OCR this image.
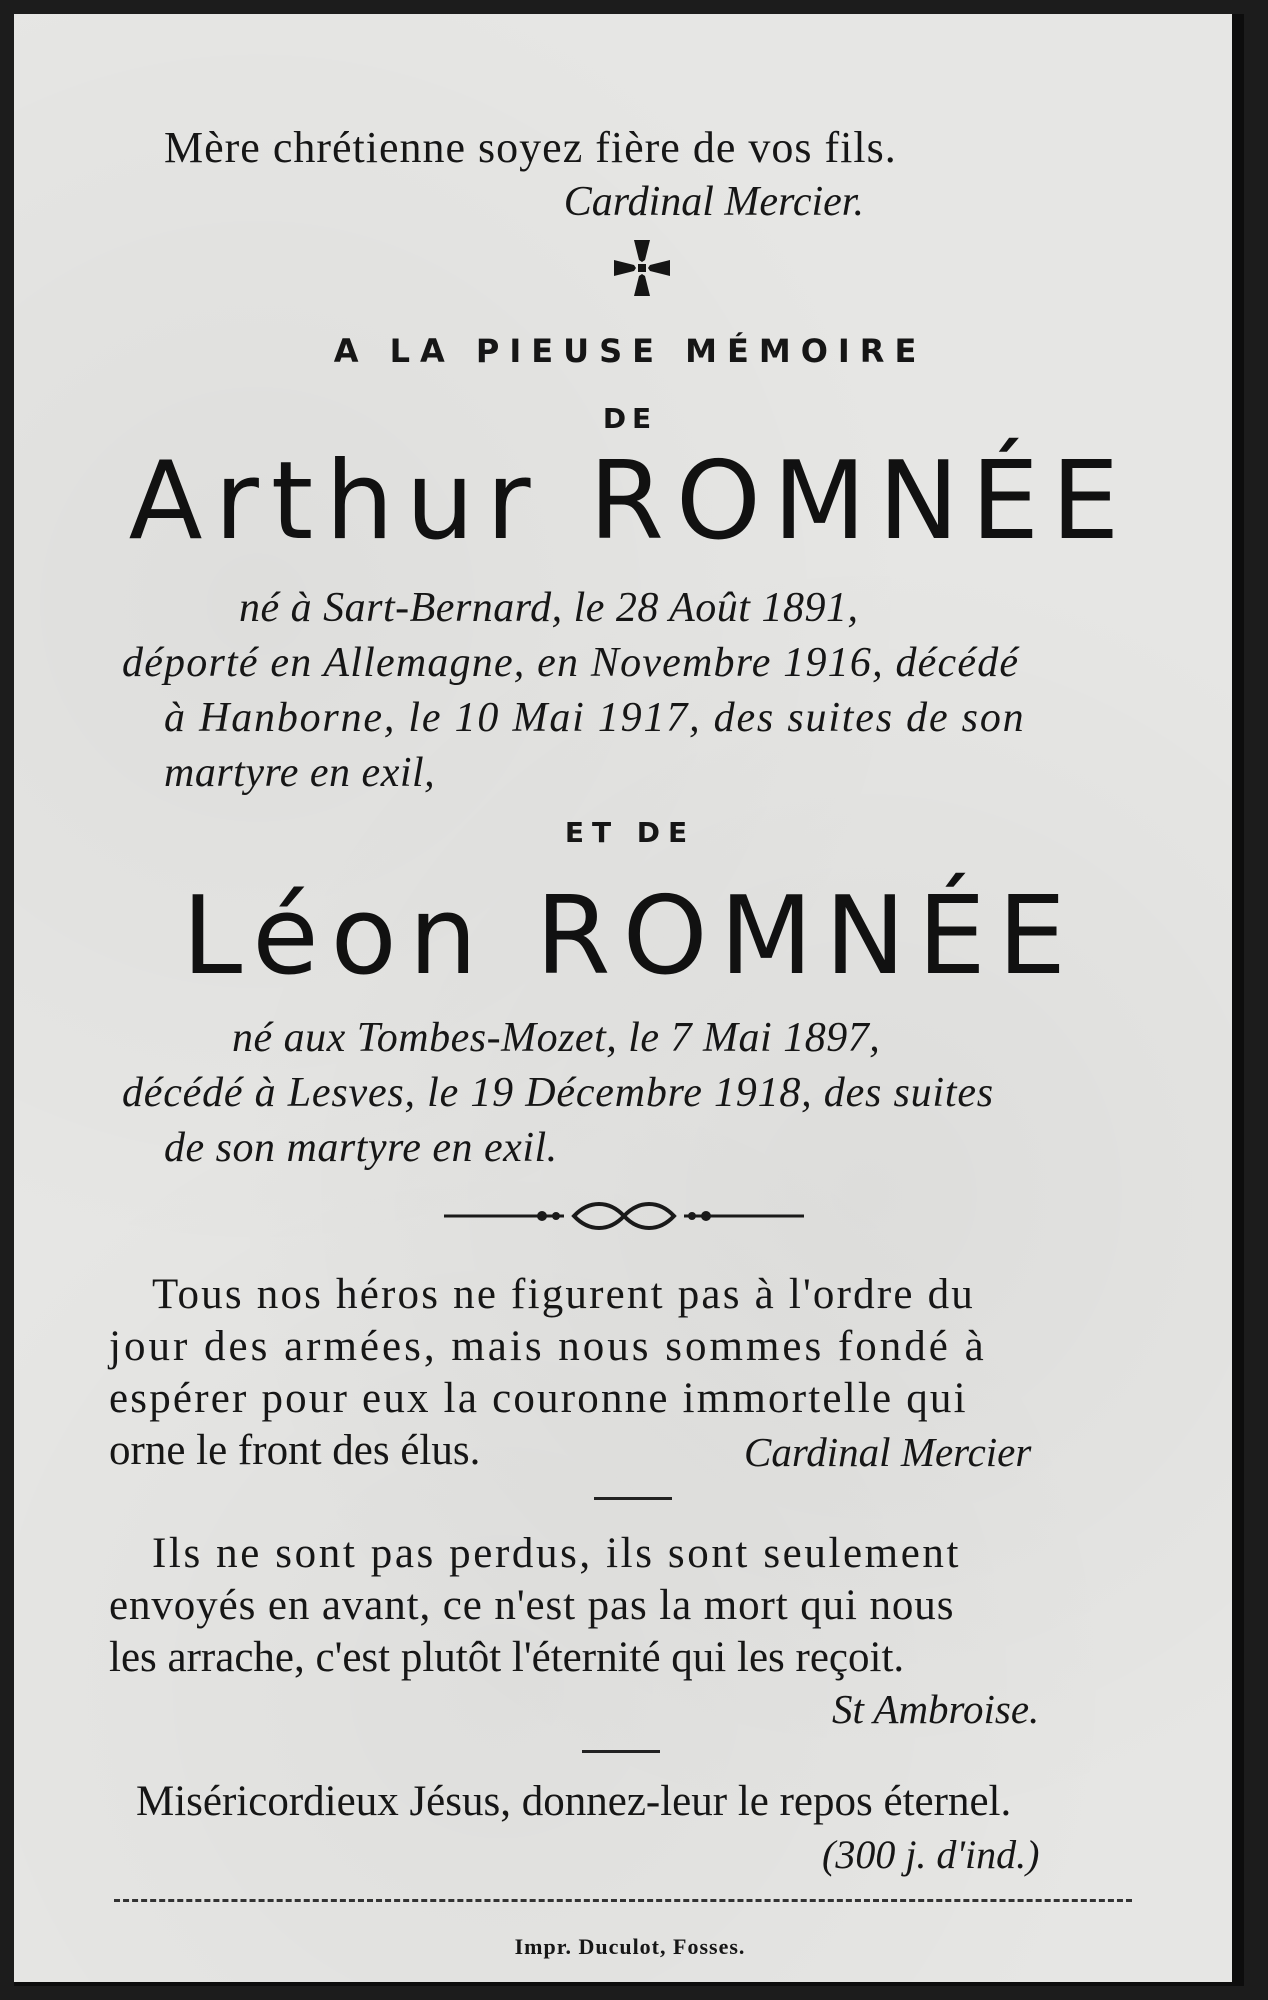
Mère chrétienne soyez fière de vos fils.
Cardinal Mercier.
A LA PIEUSE MÉMOIRE
DE
Arthur ROMNÉE
né à Sart-Bernard, le 28 Août 1891,
déporté en Allemagne, en Novembre 1916, décédé
à Hanborne, le 10 Mai 1917, des suites de son
martyre en exil,
ET DE
Léon ROMNÉE
né aux Tombes-Mozet, le 7 Mai 1897,
décédé à Lesves, le 19 Décembre 1918, des suites
de son martyre en exil.
Tous nos héros ne figurent pas à l'ordre du
jour des armées, mais nous sommes fondé à
espérer pour eux la couronne immortelle qui
orne le front des élus.	Cardinal Mercier
Ils ne sont pas perdus, ils sont seulement
envoyés en avant, ce n'est pas la mort qui nous
les arrache, c'est plutôt l'éternité qui les reçoit.
St Ambroise.
Miséricordieux Jésus, donnez-leur le repos éternel.
(300 j. d'ind.)
Impr. Duculot, Fosses.
